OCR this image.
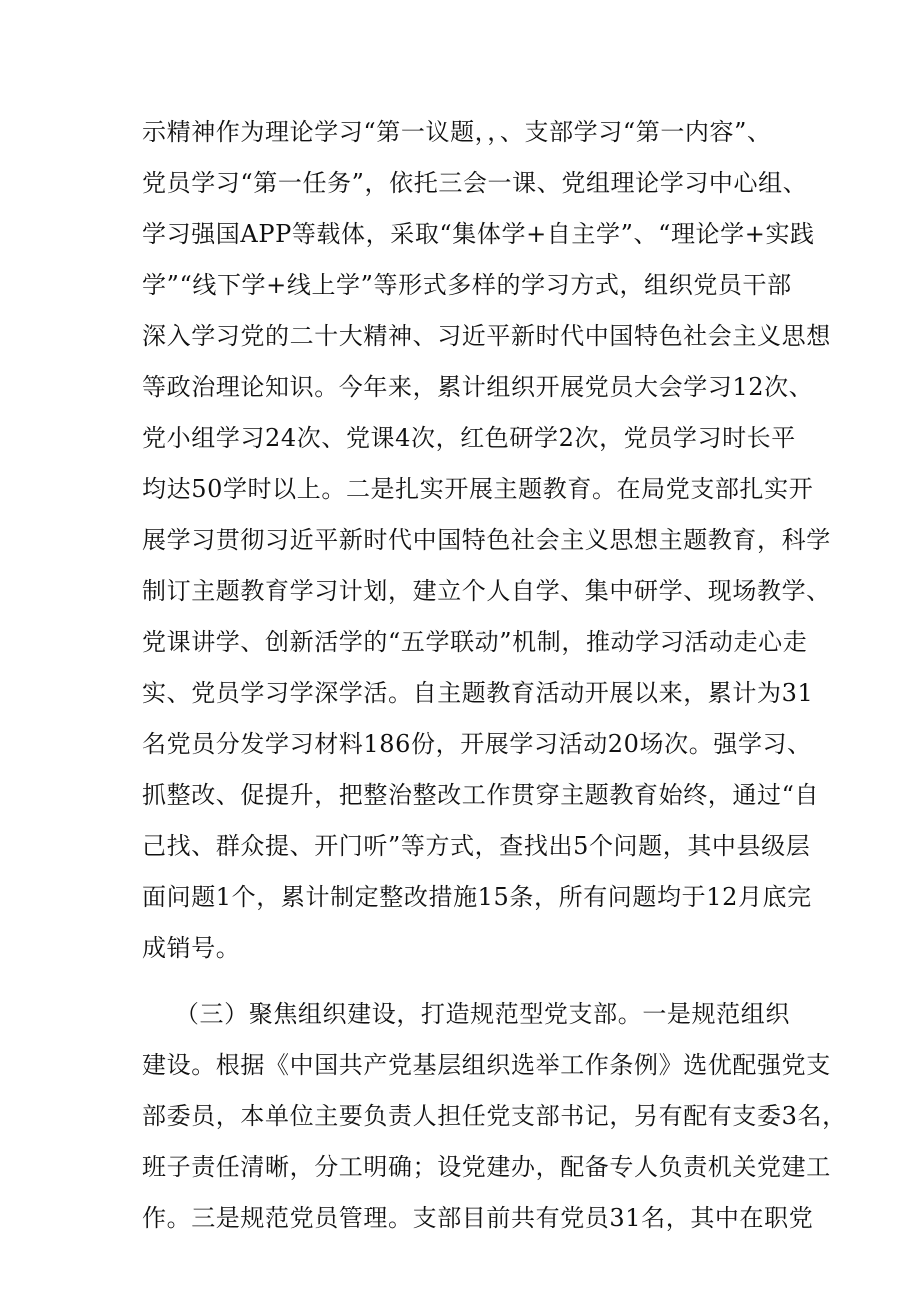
示精神作为理论学习“第一议题，，、支部学习“第一内容”、
党员学习“第一任务”，依托三会一课、党组理论学习中心组、
学习强国APP等载体，采取“集体学+自主学”、“理论学+实践
学”“线下学+线上学”等形式多样的学习方式，组织党员干部
深入学习党的二十大精神、习近平新时代中国特色社会主义思想
等政治理论知识。今年来，累计组织开展党员大会学习12次、
党小组学习24次、党课4次，红色研学2次，党员学习时长平
均达50学时以上。二是扎实开展主题教育。在局党支部扎实开
展学习贯彻习近平新时代中国特色社会主义思想主题教育，科学
制订主题教育学习计划，建立个人自学、集中研学、现场教学、
党课讲学、创新活学的“五学联动”机制，推动学习活动走心走
实、党员学习学深学活。自主题教育活动开展以来，累计为31
名党员分发学习材料186份，开展学习活动20场次。强学习、
抓整改、促提升，把整治整改工作贯穿主题教育始终，通过“自
己找、群众提、开门听”等方式，查找出5个问题，其中县级层
面问题1个，累计制定整改措施15条，所有问题均于12月底完
成销号。
（三）聚焦组织建设，打造规范型党支部。一是规范组织
建设。根据《中国共产党基层组织选举工作条例》选优配强党支
部委员，本单位主要负责人担任党支部书记，另有配有支委3名，
班子责任清晰，分工明确；设党建办，配备专人负责机关党建工
作。三是规范党员管理。支部目前共有党员31名，其中在职党
